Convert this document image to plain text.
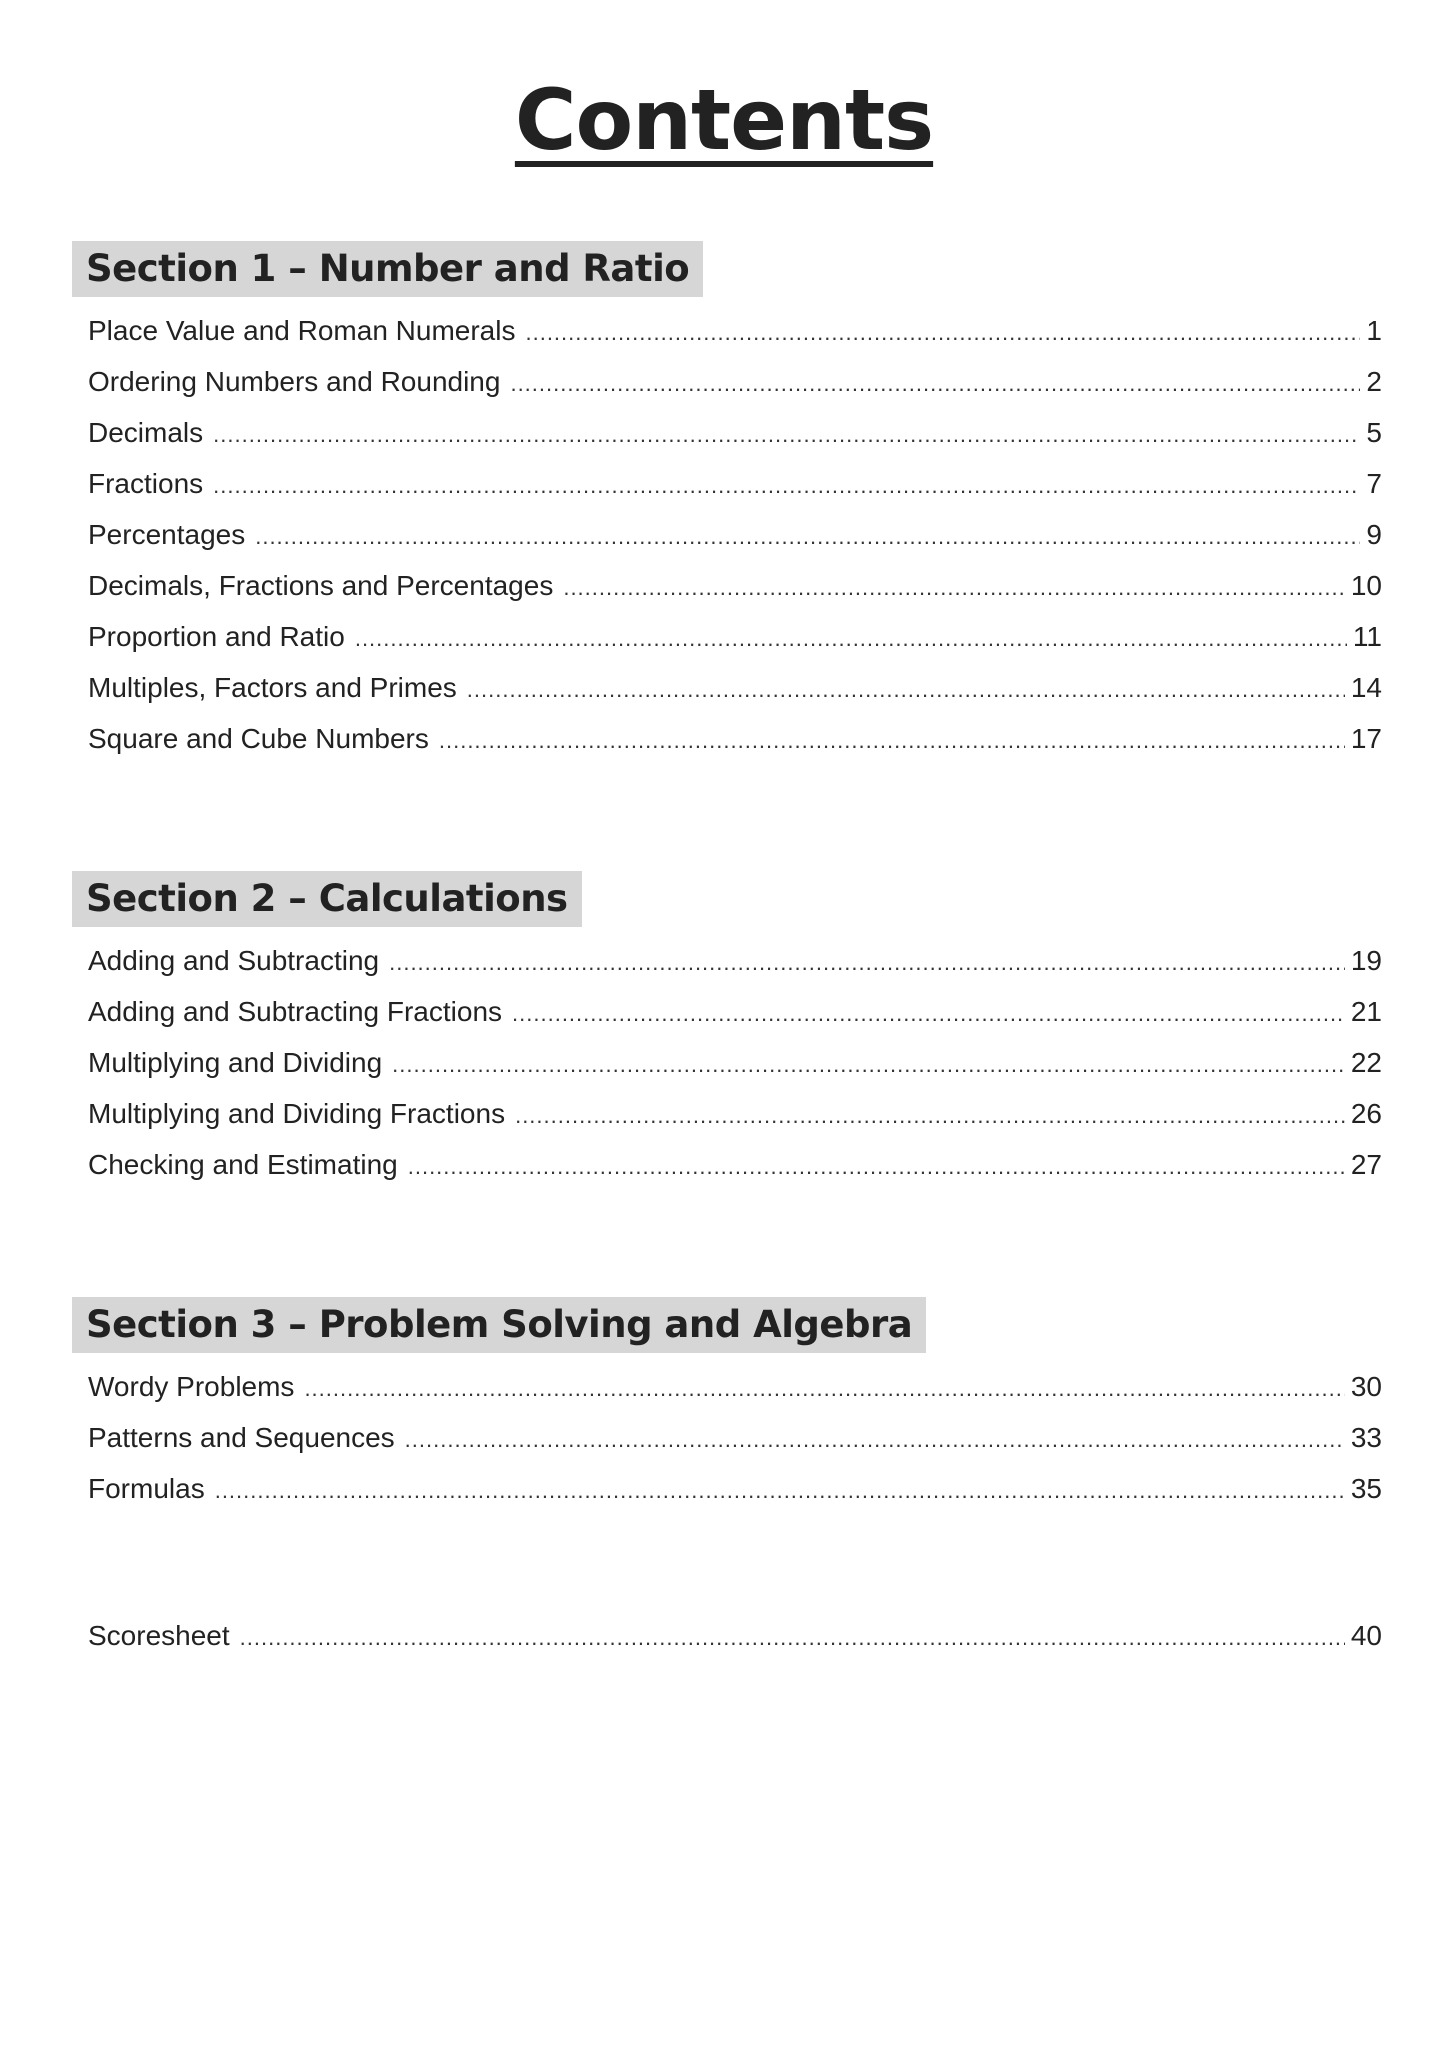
Contents
Section 1 – Number and Ratio
Place Value and Roman Numerals .....	1
Ordering Numbers and Rounding .....	2
Decimals .....	5
Fractions .....	7
Percentages .....	9
Decimals, Fractions and Percentages .....	10
Proportion and Ratio .....	11
Multiples, Factors and Primes .....	14
Square and Cube Numbers .....	17
Section 2 – Calculations
Adding and Subtracting .....	19
Adding and Subtracting Fractions .....	21
Multiplying and Dividing .....	22
Multiplying and Dividing Fractions .....	26
Checking and Estimating .....	27
Section 3 – Problem Solving and Algebra
Wordy Problems .....	30
Patterns and Sequences .....	33
Formulas .....	35
Scoresheet .....	40
